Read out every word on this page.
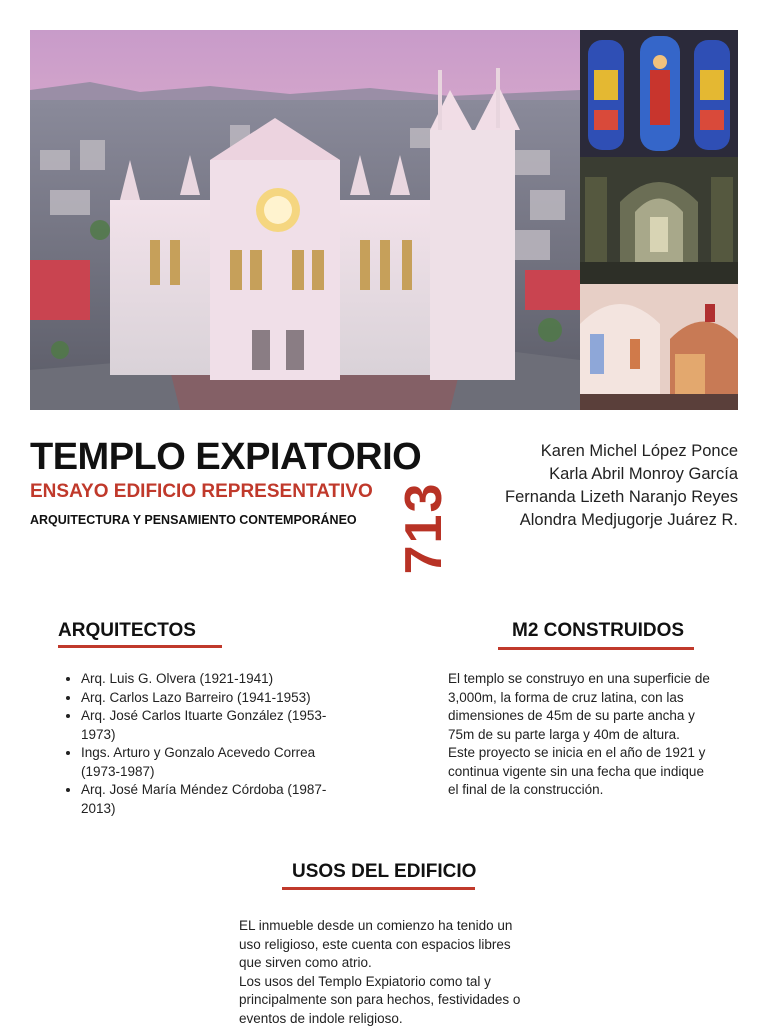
TEMPLO EXPIATORIO
ENSAYO EDIFICIO REPRESENTATIVO
ARQUITECTURA Y PENSAMIENTO CONTEMPORÁNEO 713
Karen Michel López Ponce
Karla Abril Monroy García
Fernanda Lizeth Naranjo Reyes
Alondra Medjugorje Juárez R.
ARQUITECTOS
• Arq. Luis G. Olvera (1921-1941)
• Arq. Carlos Lazo Barreiro (1941-1953)
• Arq. José Carlos Ituarte González (1953-1973)
• Ings. Arturo y Gonzalo Acevedo Correa (1973-1987)
• Arq. José María Méndez Córdoba (1987-2013)
M2 CONSTRUIDOS

El templo se construyo en una superficie de 3,000m, la forma de cruz latina, con las dimensiones de 45m de su parte ancha y 75m de su parte larga y 40m de altura.

Este proyecto se inicia en el año de 1921 y continua vigente sin una fecha que indique el final de la construcción.

USOS DEL EDIFICIO

EL inmueble desde un comienzo ha tenido un uso religioso, este cuenta con espacios libres que sirven como atrio.

Los usos del Templo Expiatorio como tal y principalmente son para hechos, festividades o eventos de indole religioso.
